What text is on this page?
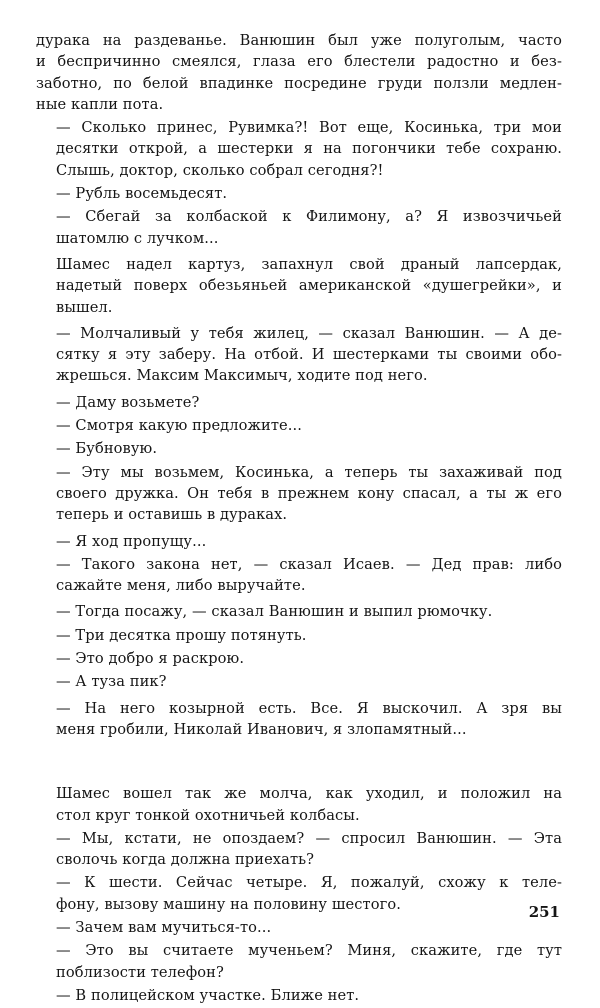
дурака на раздеванье. Ванюшин был уже полуголым, часто
и беспричинно смеялся, глаза его блестели радостно и без-
заботно, по белой впадинке посредине груди ползли медлен-
ные капли пота.
— Сколько принес, Рувимка?! Вот еще, Косинька, три мои
десятки открой, а шестерки я на погончики тебе сохраню.
Слышь, доктор, сколько собрал сегодня?!
— Рубль восемьдесят.
— Сбегай за колбаской к Филимону, а? Я извозчичьей
шатомлю с лучком...
Шамес надел картуз, запахнул свой драный лапсердак,
надетый поверх обезьяньей американской «душегрейки», и
вышел.
— Молчаливый у тебя жилец, — сказал Ванюшин. — А де-
сятку я эту заберу. На отбой. И шестерками ты своими обо-
жрешься. Максим Максимыч, ходите под него.
— Даму возьмете?
— Смотря какую предложите...
— Бубновую.
— Эту мы возьмем, Косинька, а теперь ты захаживай под
своего дружка. Он тебя в прежнем кону спасал, а ты ж его
теперь и оставишь в дураках.
— Я ход пропущу...
— Такого закона нет, — сказал Исаев. — Дед прав: либо
сажайте меня, либо выручайте.
— Тогда посажу, — сказал Ванюшин и выпил рюмочку.
— Три десятка прошу потянуть.
— Это добро я раскрою.
— А туза пик?
— На него козырной есть. Все. Я выскочил. А зря вы
меня гробили, Николай Иванович, я злопамятный...
Шамес вошел так же молча, как уходил, и положил на
стол круг тонкой охотничьей колбасы.
— Мы, кстати, не опоздаем? — спросил Ванюшин. — Эта
сволочь когда должна приехать?
— К шести. Сейчас четыре. Я, пожалуй, схожу к теле-
фону, вызову машину на половину шестого.
— Зачем вам мучиться-то...
— Это вы считаете мученьем? Миня, скажите, где тут
поблизости телефон?
— В полицейском участке. Ближе нет.
251
